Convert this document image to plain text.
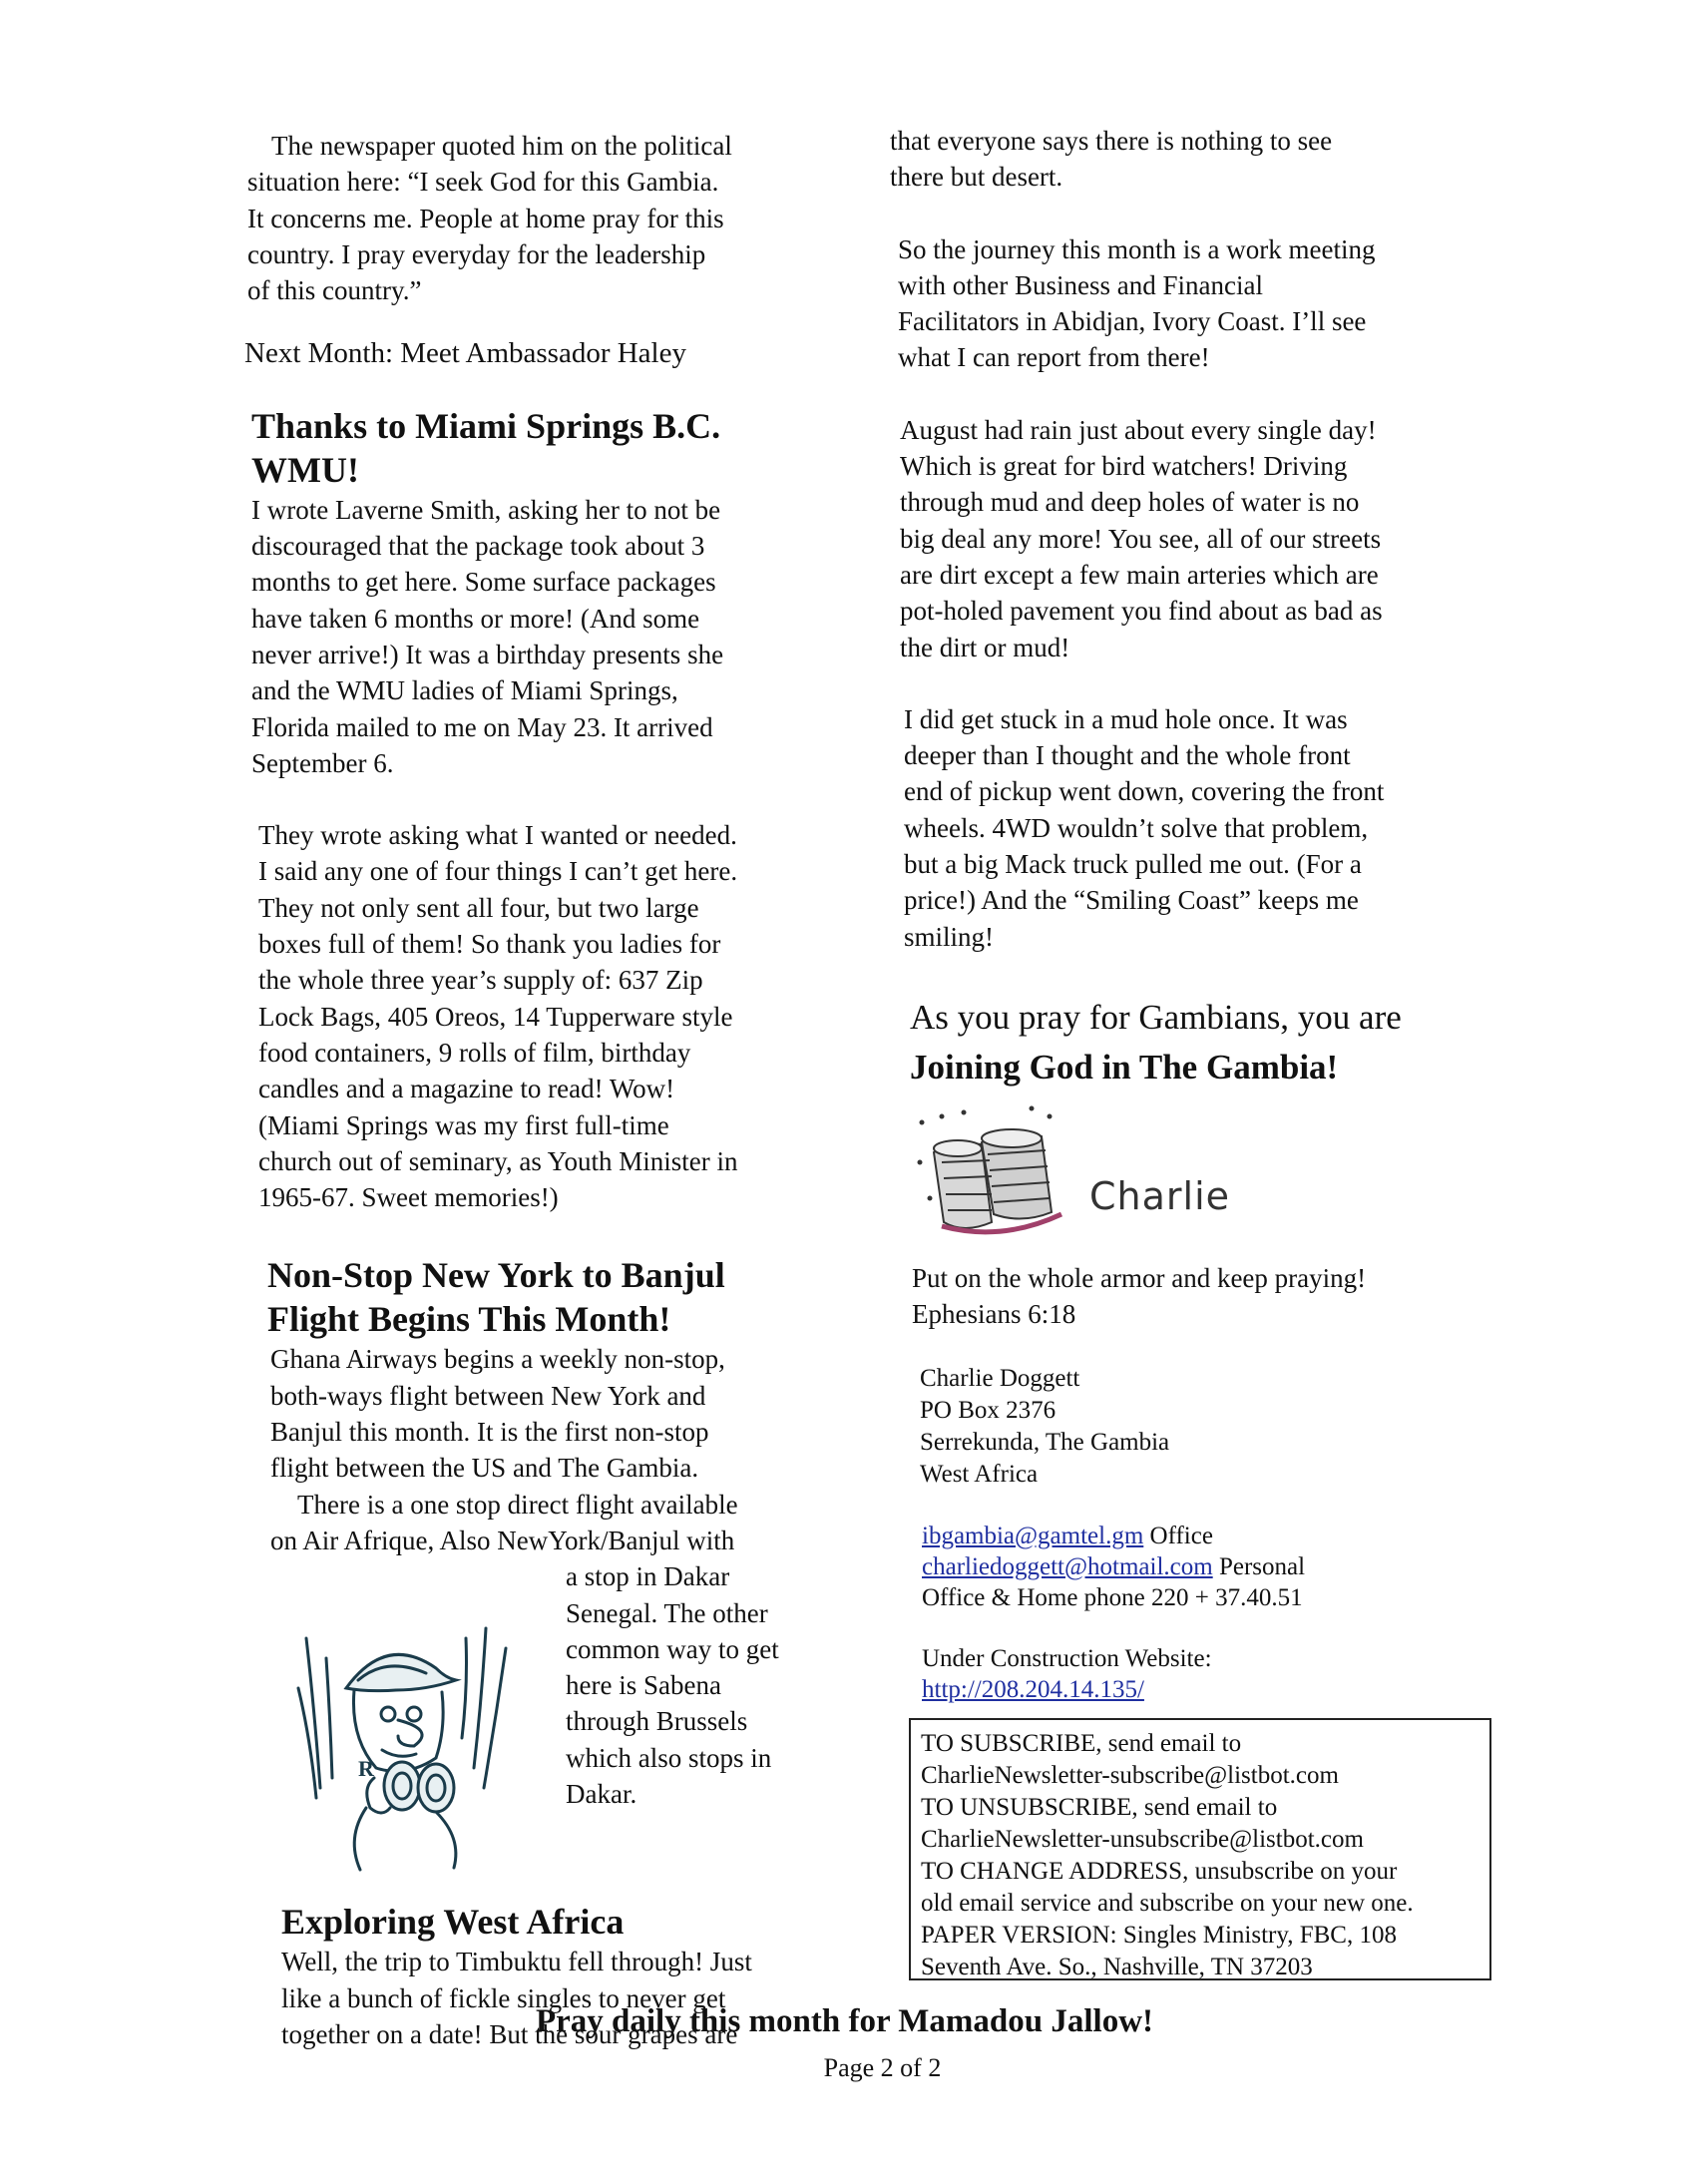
The newspaper quoted him on the political

situation here: “I seek God for this Gambia.

It concerns me. People at home pray for this

country. I pray everyday for the leadership

of this country.”

Next Month: Meet Ambassador Haley

Thanks to Miami Springs B.C.
WMU!

I wrote Laverne Smith, asking her to not be

discouraged that the package took about 3

months to get here. Some surface packages

have taken 6 months or more! (And some

never arrive!) It was a birthday presents she

and the WMU ladies of Miami Springs,

Florida mailed to me on May 23. It arrived

September 6.

They wrote asking what I wanted or needed.

I said any one of four things I can’t get here.

They not only sent all four, but two large

boxes full of them! So thank you ladies for

the whole three year’s supply of: 637 Zip

Lock Bags, 405 Oreos, 14 Tupperware style

food containers, 9 rolls of film, birthday

candles and a magazine to read! Wow!

(Miami Springs was my first full-time

church out of seminary, as Youth Minister in

1965-67. Sweet memories!)

Non-Stop New York to Banjul
Flight Begins This Month!

Ghana Airways begins a weekly non-stop,

both-ways flight between New York and

Banjul this month. It is the first non-stop

flight between the US and The Gambia.

There is a one stop direct flight available

on Air Afrique, Also NewYork/Banjul with

R

a stop in Dakar

Senegal. The other

common way to get

here is Sabena

through Brussels

which also stops in

Dakar.

Exploring West Africa

Well, the trip to Timbuktu fell through! Just

like a bunch of fickle singles to never get

together on a date! But the sour grapes are

that everyone says there is nothing to see

there but desert.

So the journey this month is a work meeting

with other Business and Financial

Facilitators in Abidjan, Ivory Coast. I’ll see

what I can report from there!

August had rain just about every single day!

Which is great for bird watchers! Driving

through mud and deep holes of water is no

big deal any more! You see, all of our streets

are dirt except a few main arteries which are

pot-holed pavement you find about as bad as

the dirt or mud!

I did get stuck in a mud hole once. It was

deeper than I thought and the whole front

end of pickup went down, covering the front

wheels. 4WD wouldn’t solve that problem,

but a big Mack truck pulled me out. (For a

price!) And the “Smiling Coast” keeps me

smiling!

As you pray for Gambians, you are

Joining God in The Gambia!

Charlie

Put on the whole armor and keep praying!

Ephesians 6:18

Charlie Doggett

PO Box 2376

Serrekunda, The Gambia

West Africa

ibgambia@gamtel.gm Office

charliedoggett@hotmail.com Personal

Office & Home phone 220 + 37.40.51

Under Construction Website:

http://208.204.14.135/

TO SUBSCRIBE, send email to

CharlieNewsletter-subscribe@listbot.com

TO UNSUBSCRIBE, send email to

CharlieNewsletter-unsubscribe@listbot.com

TO CHANGE ADDRESS, unsubscribe on your

old email service and subscribe on your new one.

PAPER VERSION: Singles Ministry, FBC, 108

Seventh Ave. So., Nashville, TN 37203

Pray daily this month for Mamadou Jallow!
Page 2 of 2
